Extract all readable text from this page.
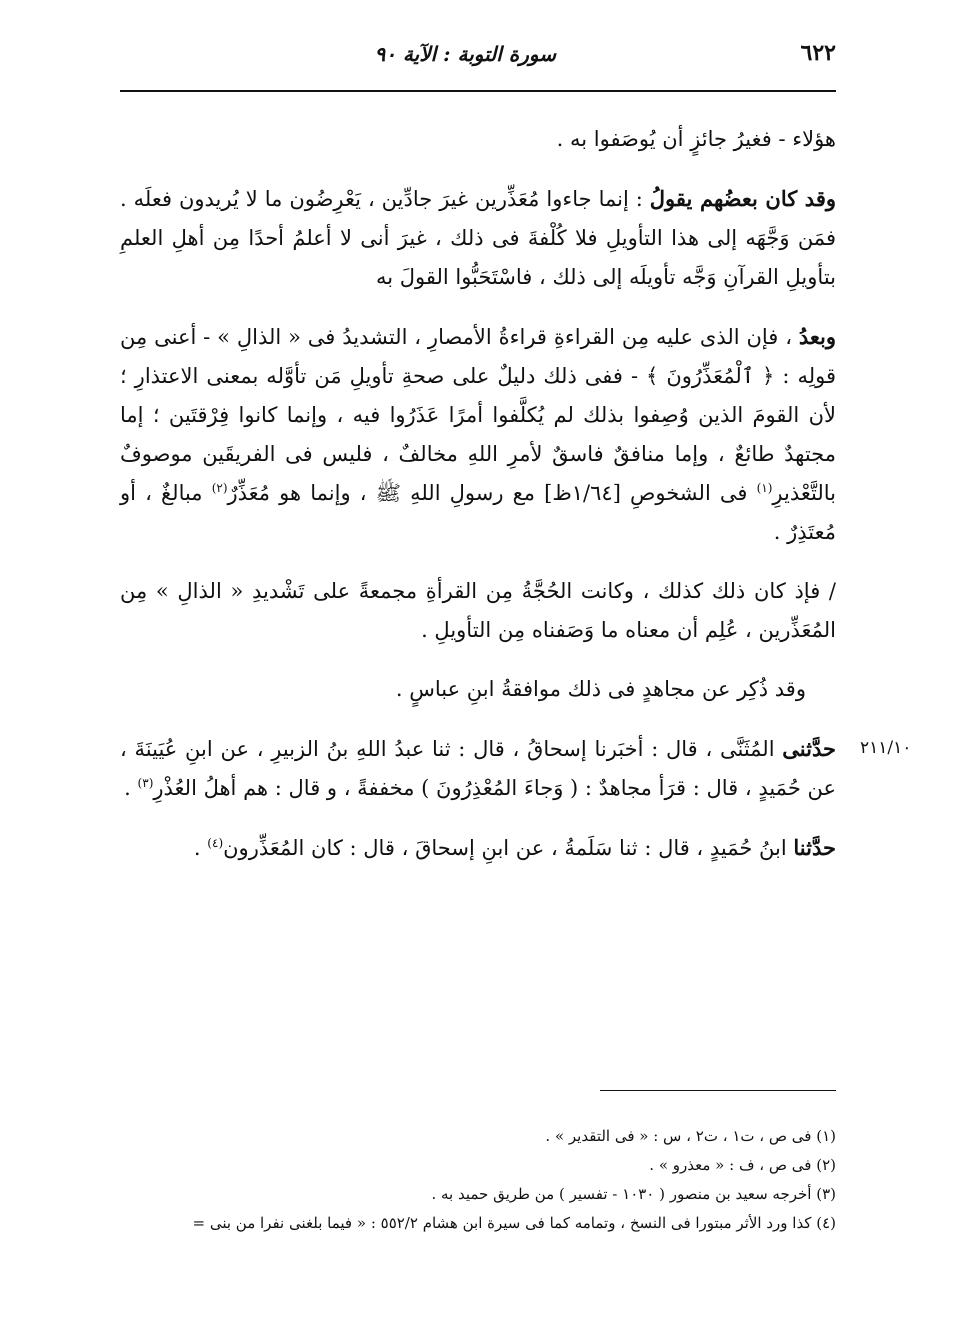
٦٢٢
سورة التوبة : الآية ٩٠

هؤلاء - فغيرُ جائزٍ أن يُوصَفوا به .

وقد كان بعضُهم يقولُ : إنما جاءوا مُعَذِّرين غيرَ جادِّين ، يَعْرِضُون ما لا يُريدون فعلَه . فمَن وَجَّهَه إلى هذا التأويلِ فلا كُلْفةَ فى ذلك ، غيرَ أنى لا أعلمُ أحدًا مِن أهلِ العلمِ بتأويلِ القرآنِ وَجَّه تأويلَه إلى ذلك ، فاسْتَحَبُّوا القولَ به

وبعدُ ، فإن الذى عليه مِن القراءةِ قراءةُ الأمصارِ ، التشديدُ فى « الذالِ » - أعنى مِن قولِه : ﴿ ٱلْمُعَذِّرُونَ ﴾ - ففى ذلك دليلٌ على صحةِ تأويلِ مَن تأوَّله بمعنى الاعتذارِ ؛ لأن القومَ الذين وُصِفوا بذلك لم يُكلَّفوا أمرًا عَذَرُوا فيه ، وإنما كانوا فِرْقتَين ؛ إما مجتهدٌ طائعٌ ، وإما منافقٌ فاسقٌ لأمرِ اللهِ مخالفٌ ، فليس فى الفريقَين موصوفٌ بالتَّعْذيرِ$^{(١)}$ فى الشخوصِ [١/٦٤ظ] مع رسولِ اللهِ ﷺ ، وإنما هو مُعَذِّرٌ$^{(٢)}$ مبالغٌ ، أو مُعتَذِرٌ .

/ فإذ كان ذلك كذلك ، وكانت الحُجَّةُ مِن القرأةِ مجمعةً على تَشْديدِ « الذالِ » مِن المُعَذِّرين ، عُلِم أن معناه ما وَصَفناه مِن التأويلِ .

وقد ذُكِر عن مجاهدٍ فى ذلك موافقةُ ابنِ عباسٍ .

حدَّثنى المُثَنَّى ، قال : أخبَرنا إسحاقُ ، قال : ثنا عبدُ اللهِ بنُ الزبيرِ ، عن ابنِ عُيَينَةَ ، عن حُمَيدٍ ، قال : قرَأ مجاهدٌ : ( وَجاءَ المُعْذِرُونَ ) مخففةً ، و قال : هم أهلُ العُذْرِ$^{(٣)}$ .

حدَّثنا ابنُ حُمَيدٍ ، قال : ثنا سَلَمةُ ، عن ابنِ إسحاقَ ، قال : كان المُعَذِّرون$^{(٤)}$ .

٢١١/١٠

(١) فى ص ، ت١ ، ت٢ ، س : « فى التقدير » .

(٢) فى ص ، ف : « معذرو » .

(٣) أخرجه سعيد بن منصور ( ١٠٣٠ - تفسير ) من طريق حميد به .

(٤) كذا ورد الأثر مبتورا فى النسخ ، وتمامه كما فى سيرة ابن هشام ٥٥٢/٢ : « فيما بلغنى نفرا من بنى =
